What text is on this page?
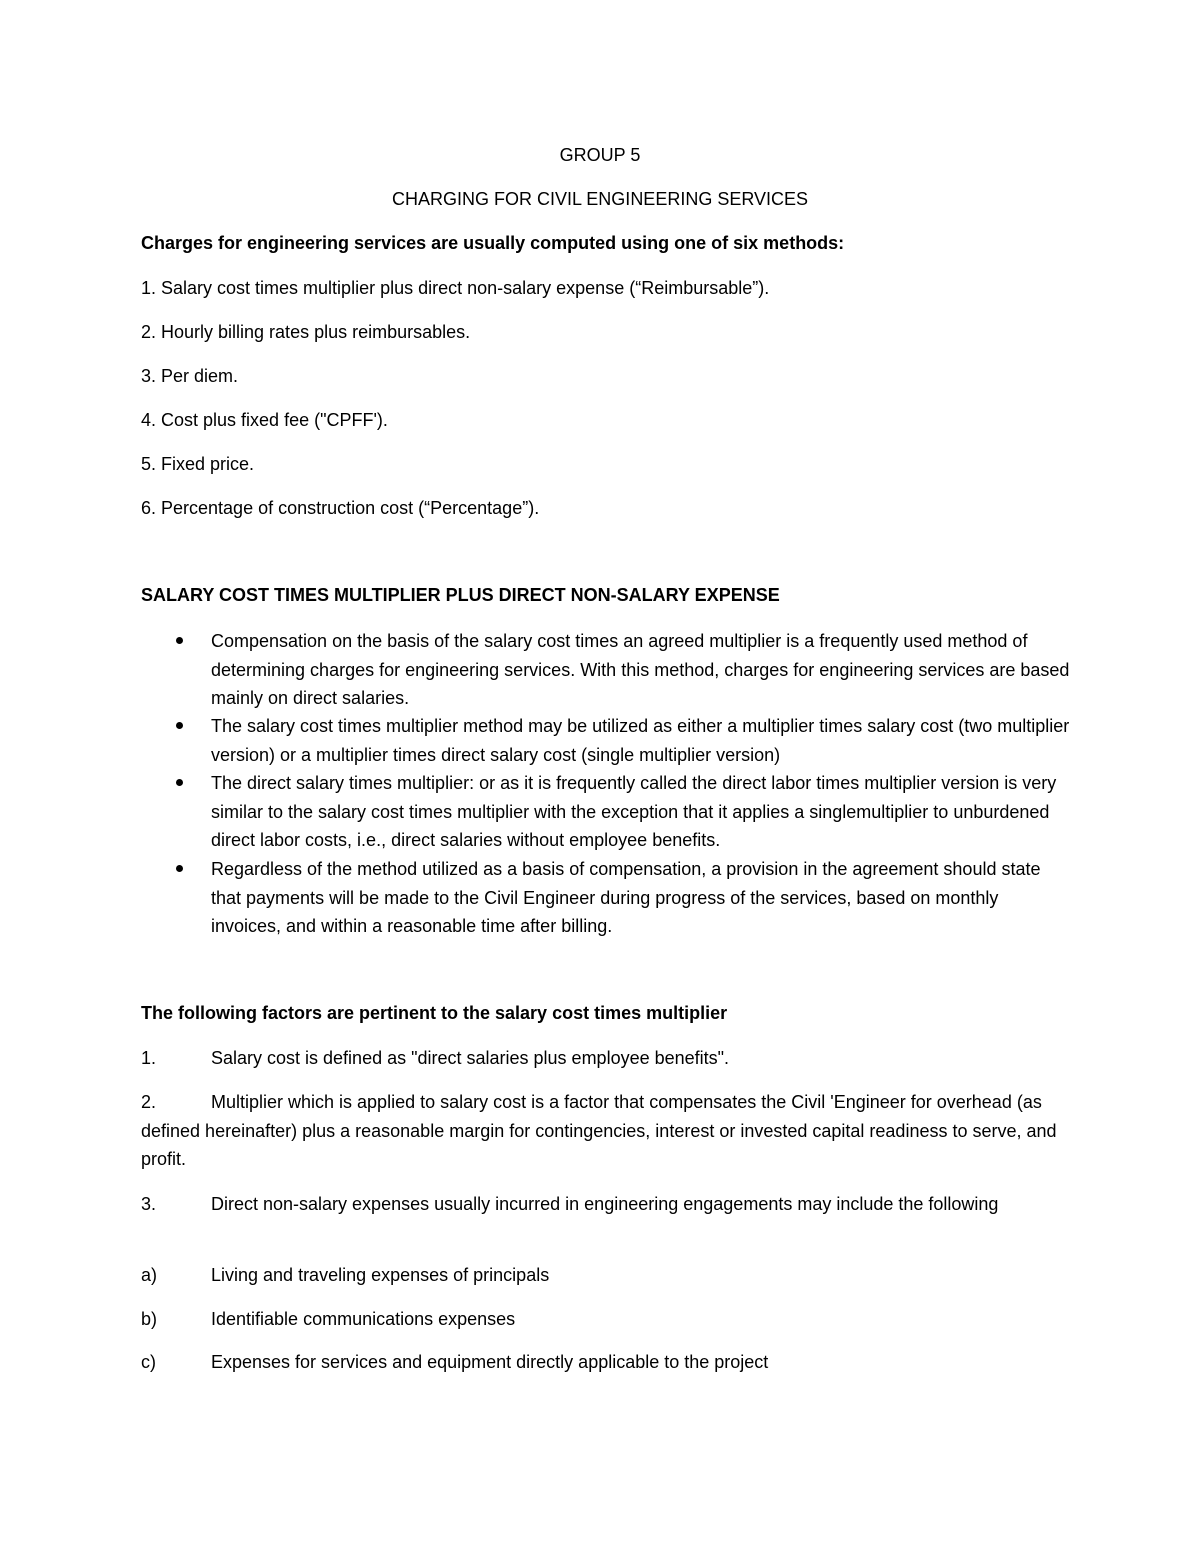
GROUP 5
CHARGING FOR CIVIL ENGINEERING SERVICES
Charges for engineering services are usually computed using one of six methods:
1. Salary cost times multiplier plus direct non-salary expense (“Reimbursable”).
2. Hourly billing rates plus reimbursables.
3. Per diem.
4. Cost plus fixed fee ("CPFF').
5. Fixed price.
6. Percentage of construction cost (“Percentage”).
SALARY COST TIMES MULTIPLIER PLUS DIRECT NON-SALARY EXPENSE
Compensation on the basis of the salary cost times an agreed multiplier is a frequently used method of determining charges for engineering services. With this method, charges for engineering services are based mainly on direct salaries.
The salary cost times multiplier method may be utilized as either a multiplier times salary cost (two multiplier version) or a multiplier times direct salary cost (single multiplier version)
The direct salary times multiplier: or as it is frequently called the direct labor times multiplier version is very similar to the salary cost times multiplier with the exception that it applies a singlemultiplier to unburdened direct labor costs, i.e., direct salaries without employee benefits.
Regardless of the method utilized as a basis of compensation, a provision in the agreement should state that payments will be made to the Civil Engineer during progress of the services, based on monthly invoices, and within a reasonable time after billing.
The following factors are pertinent to the salary cost times multiplier
1.	Salary cost is defined as "direct salaries plus employee benefits".
2.	Multiplier which is applied to salary cost is a factor that compensates the Civil 'Engineer for overhead (as defined hereinafter) plus a reasonable margin for contingencies, interest or invested capital readiness to serve, and profit.
3.	Direct non-salary expenses usually incurred in engineering engagements may include the following
a)	Living and traveling expenses of principals
b)	Identifiable communications expenses
c)	Expenses for services and equipment directly applicable to the project
